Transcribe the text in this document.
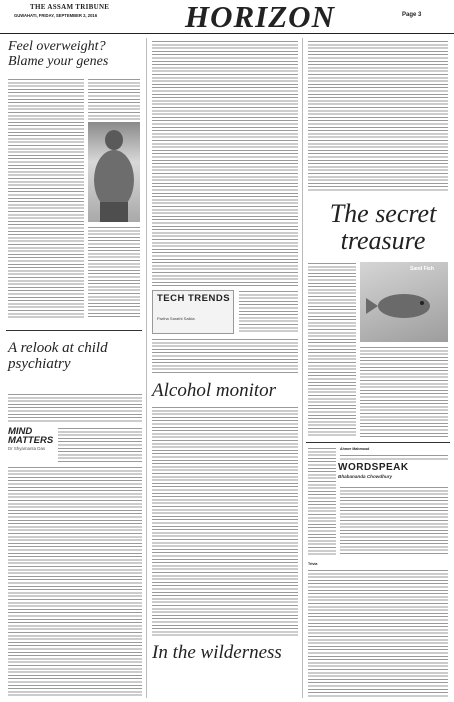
THE ASSAM TRIBUNE
GUWAHATI, FRIDAY, SEPTEMBER 2, 2016	HORIZON	Page 3
Feel overweight? Blame your genes
A relook at child psychiatry
MIND MATTERS
Dr Shyamanta Das
TECH TRENDS
Partha Sarathi Saikia
Alcohol monitor
In the wilderness
The secret treasure
Sand Fish
Ahmer Mahmood
WORDSPEAK
Bhabananda Chowdhury
Trivia
